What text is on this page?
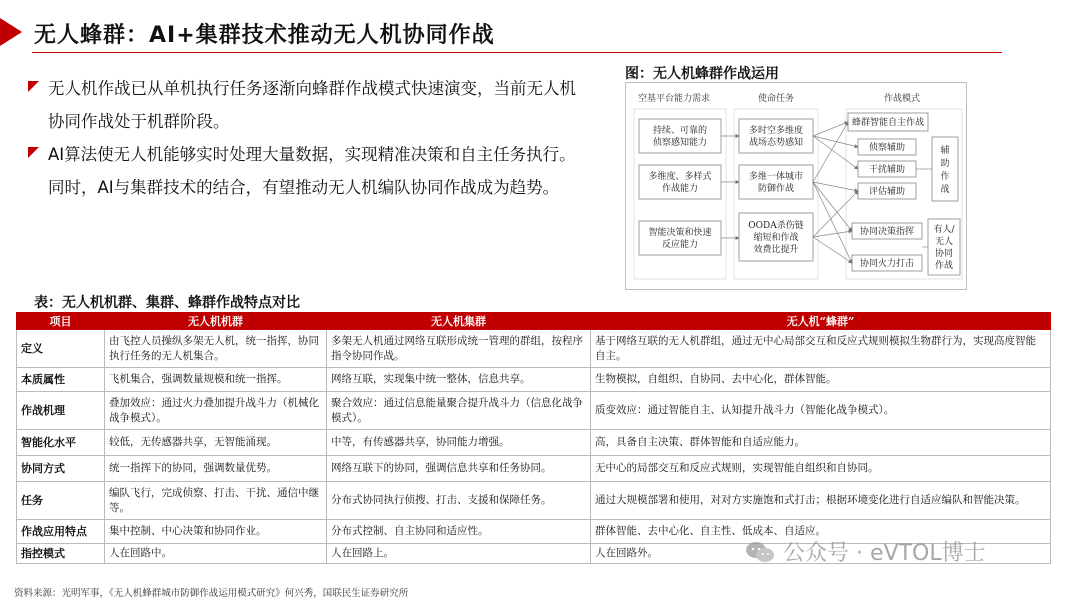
无人蜂群：AI+集群技术推动无人机协同作战
无人机作战已从单机执行任务逐渐向蜂群作战模式快速演变，当前无人机协同作战处于机群阶段。
AI算法使无人机能够实时处理大量数据，实现精准决策和自主任务执行。同时，AI与集群技术的结合，有望推动无人机编队协同作战成为趋势。
图：无人机蜂群作战运用
空基平台能力需求	使命任务	作战模式
持续、可靠的
侦察感知能力
多维度、多样式
作战能力
智能决策和快速
反应能力
多时空多维度
战场态势感知
多维一体城市
防御作战
OODA杀伤链
缩短和作战
效费比提升
蜂群智能自主作战
侦察辅助
干扰辅助
评估辅助
协同决策指挥
协同火力打击
辅
助
作
战
有人/
无人
协同
作战
表：无人机机群、集群、蜂群作战特点对比
项目	无人机机群	无人机集群	无人机“蜂群”
定义	由飞控人员操纵多架无人机，统一指挥，协同执行任务的无人机集合。	多架无人机通过网络互联形成统一管理的群组，按程序指令协同作战。	基于网络互联的无人机群组，通过无中心局部交互和反应式规则模拟生物群行为，实现高度智能自主。
本质属性	飞机集合，强调数量规模和统一指挥。	网络互联，实现集中统一整体，信息共享。	生物模拟，自组织、自协同、去中心化，群体智能。
作战机理	叠加效应：通过火力叠加提升战斗力（机械化战争模式）。	聚合效应：通过信息能量聚合提升战斗力（信息化战争模式）。	质变效应：通过智能自主、认知提升战斗力（智能化战争模式）。
智能化水平	较低，无传感器共享，无智能涌现。	中等，有传感器共享，协同能力增强。	高，具备自主决策、群体智能和自适应能力。
协同方式	统一指挥下的协同，强调数量优势。	网络互联下的协同，强调信息共享和任务协同。	无中心的局部交互和反应式规则，实现智能自组织和自协同。
任务	编队飞行，完成侦察、打击、干扰、通信中继等。	分布式协同执行侦搜、打击、支援和保障任务。	通过大规模部署和使用，对对方实施饱和式打击；根据环境变化进行自适应编队和智能决策。
作战应用特点	集中控制、中心决策和协同作业。	分布式控制、自主协同和适应性。	群体智能、去中心化、自主性、低成本、自适应。
指控模式	人在回路中。	人在回路上。	人在回路外。	公众号 · eVTOL博士
资料来源：光明军事，《无人机蜂群城市防御作战运用模式研究》何兴秀，国联民生证券研究所
